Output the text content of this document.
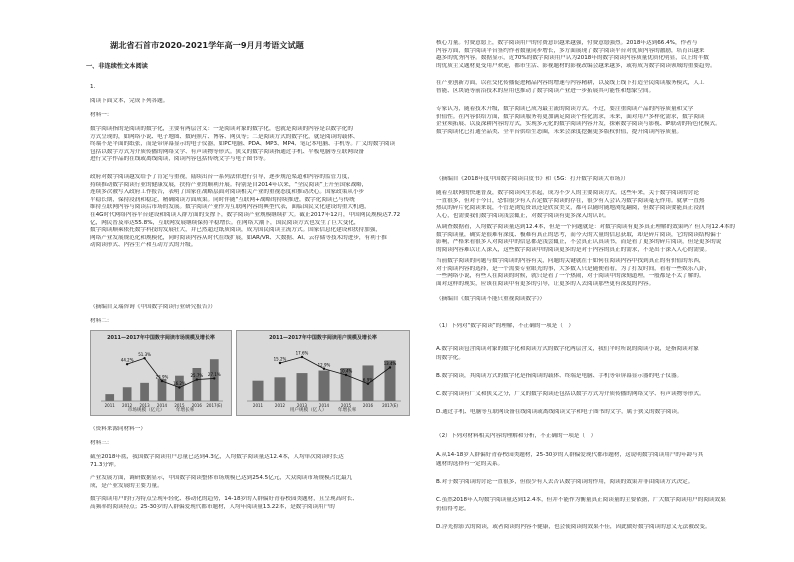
湖北省石首市2020-2021学年高一9月月考语文试题
一、非连续性文本阅读
1.
阅读下面文本，完成下列各题。
材料一：
数字阅读指的是阅读的数字化，主要有两层含义：一是阅读对象的数字化，也就是阅读的内容是以数字化的
方式呈现的，如网络小说、电子地图、数码照片、博客、网页等；二是阅读方式的数字化，就是阅读的载体、
终端不是平面的纸张，而是带屏幕显示的电子仪器，如PC电脑、PDA、MP3、MP4、笔记本电脑、手机等。广义的数字阅读
包括以数字方式为介质传播的网络文学、有声读物等形式。狭义的数字阅读指通过手机、平板电脑等互联网设备
进行文字作品的在线或离线阅读，阅读内容包括传统文字与电子图书等。
政府对数字阅读越发给予了肯定与重视，陆续出台一系列法律进行引导，逐步规范渠道和内容的监管力度，
持续推动数字阅读行业的健康发展，扶持产业的顺利开展。特别是自2014年以来，“全民阅读”上升至国家战略，
连续多次被写入政府工作报告，表明了国家在战略层面对阅读相关产业的重视态度和推动决心。国家政策从小步
平稳长期，保持浸润和稳定，精确阅读方面成果。同时伴随“互联网+战略的持续推进，数字化阅读已与传统
维持互联网内容与阅读后市场的发展。数字阅读产业作为互联网内容的典型代表，面临国民文化建设的重大机遇，
在4G时代网络内容平台建设和阅读人群方面的支撑下，数字阅读产业规模继续扩大。截止2017年12月，中国网民规模达7.72
亿，网民普及率达55.8%，互联网发展继续保持平稳增长。在网络大潮下，国民阅读方式也发生了巨大变化，
数字阅读顺乘依托数字科技的发展壮大，并已然超过纸质阅读，成为国民阅读主流方式。国家信息化建设和扶持加强，
网络产业发展规范化和规模化，同时阅读内容从时代在线扩展，如AR/VR、大数据、AI、云存储等技术的进步，有利于推
动阅读形式、内容生产和互动方式的升级。
（摘编自艾瑞咨询《中国数字阅读行业研究报告》）
材料二：
2011—2017年中国数字阅读市场规模及增长率
2011 2012 2013 2014 2015 2016 2017(E)
44.2%
51.3%
23.9%
16.2%
25.7% 27.1%
市场规模（亿元） 年增长率
2011—2017年中国数字阅读用户规模及增长率
2011	2012	2013	2014	2015	2016 2017(E)
15.2%
17.6%
12.9%
10.4%
6.9%
13.4%
用户规模（亿人） 年增长率
（资料来源同材料一）
材料三：
截至2018年底，我国数字阅读用户总量已达到4.3亿，人均数字阅读量达12.4本，人均单次阅读时长达
71.3分钟。
产业发展方面，调研数据显示，中国数字阅读整体市场规模已达到254.5亿元，大众阅读市场规模占比最九
成，是产业发展的主要力量。
数字阅读用户的行为特点呈现年轻化、移动化的趋势，14-18岁的人群偏好青春校园类题材，且呈现高时长、
高频率的阅读特点；25-30岁的人群偏爱现代都市题材，人均年阅读量13.22本，是数字阅读用户的
核心力量。付费意愿上，数字阅读用户的付费意识越来越强，付费意愿强烈。2018年达到66.4%，作者与
内容方面，数字阅读平台签约作者数量同步增长，多方面展现了数字阅读平台对优质内容的激励，培育出越来
越多的优秀内容。数据显示，近70%的数字阅读用户认为2018年的数字阅读内容质量优质化明显，以上的半数
的优质主义题材更受用户欢迎，都市生活、影视题材的影视改编会越来越多，或将成为数字阅读领域的重要趋势。
在产业创新方面，以社交化传播促进精品内容的增速与内容精耕，以及线上线下打造全民阅读服务模式，人工
智能、区块链等前沿技术的应用也推动了数字阅读产业进一步拓展其可能性和想象空间。
专家认为，随着技术升级，数字阅读已成为最主流的阅读方式。不过，要注重阅读产品的内容质量和文学
价值性。在内容供给方面，数字阅读服务将更加满足阅读个性化需求，未来，面对用户多样化需求，数字阅读
企业须拓展、以及深耕内容的方式，实现多元化的数字阅读内容开发，探索数字阅读与影视、IP联动的特色化模式。
数字阅读化已打通全品类、全平台供给生态圈，未来会深度挖掘更多版权价值，提升阅读内容质量。
（摘编自《2018年度中国数字阅读白皮书》和《5G：打开数字阅读大市场》）
随着互联网的快速普及，数字阅读风生水起，成为不少人的主要阅读方式。这些年来，关于数字阅读的讨论
一直很多，但对于今日，恐怕很少有人否定数字阅读的存在，很少有人会认为数字阅读毫无作用。就拿一直热
热议的碎片化阅读来说，不管是浏览资讯还是欣赏美文，都可以随时随地浏览翻阅，但数字阅读要能真正浸润
人心，也需要我们数字阅读浅尝辄止，对数字阅读有更多深入的认识。
从调查数据看，人均数字阅读量达到12.4本，但是一个问题就是：对数字阅读有更多真正理解的效果吗？但人均12.4本的
数字阅读量，确实是很难有深度、极难有真正的思考，而今天的大量的信息获取，却是碎片阅读，它的阅读结构偏于
影响，严格来看很多人对阅读中的信息都是浅尝辄止，不会真正认真读书，而是看了更多的碎片阅读，但是更多的说
的阅读内容难以让人深入，这些数字阅读中的阅读更多的是对于内容的真正的需求，不是出于深入人心的需要。
当前数字阅读的问题与数字阅读的内容有关，问题的关键就在于如何在阅读内容中找到真正的有价值的东西，
对于阅读内容的选择，是一个需要专业眼光的事，大多数人只是随便看看，为了打发时间，看看一些娱乐八卦，
一些网络小说，有些人在阅读的时候，就只是看了一个热闹，对于阅读中的深刻道理，一般都是不太了解的。
面对这样的现实，应该在阅读中有更多的引导，让更多的人去阅读那些更有深度的内容。
（摘编自《数字阅读不能只重视阅读数字》）
（1）下列对“数字阅读”的理解，不正确的一项是（　）
A.数字阅读包含阅读对象的数字化和阅读方式的数字化两层含义，我们平时所说的阅读小说，是指阅读对象
的数字化。
B.数字阅读，其阅读方式的数字化是指阅读的载体、终端是电脑、手机等带屏幕显示器的电子仪器。
C.数字阅读有广义和狭义之分，广义的数字阅读还包括以数字方式为介质传播的网络文学、有声读物等形式。
D.通过手机、电脑等互联网设备在线阅读或离线阅读文字和电子图书的文字，属于狭义的数字阅读。
（2）下列对材料相关内容的理解和分析，不正确的一项是（　）
A.从14-18岁人群偏好青春校园类题材，25-30岁的人群偏爱现代都市题材，这说明数字阅读用户的年龄与其
题材的选择有一定的关系。
B.对于数字阅读的讨论一直很多，但很少有人去否认数字阅读的作用，阅读的效果并非由阅读方式决定。
C.虽然2018年人均数字阅读量达到12.4本，但并不能作为衡量真正阅读量的主要依据，广大数字阅读用户的阅读效果
仍值得考虑。
D.浮光掠影式的阅读，或者阅读的内容不健康，也会使阅读的效果不佳，因此做好数字阅读的意义无法被改变。
